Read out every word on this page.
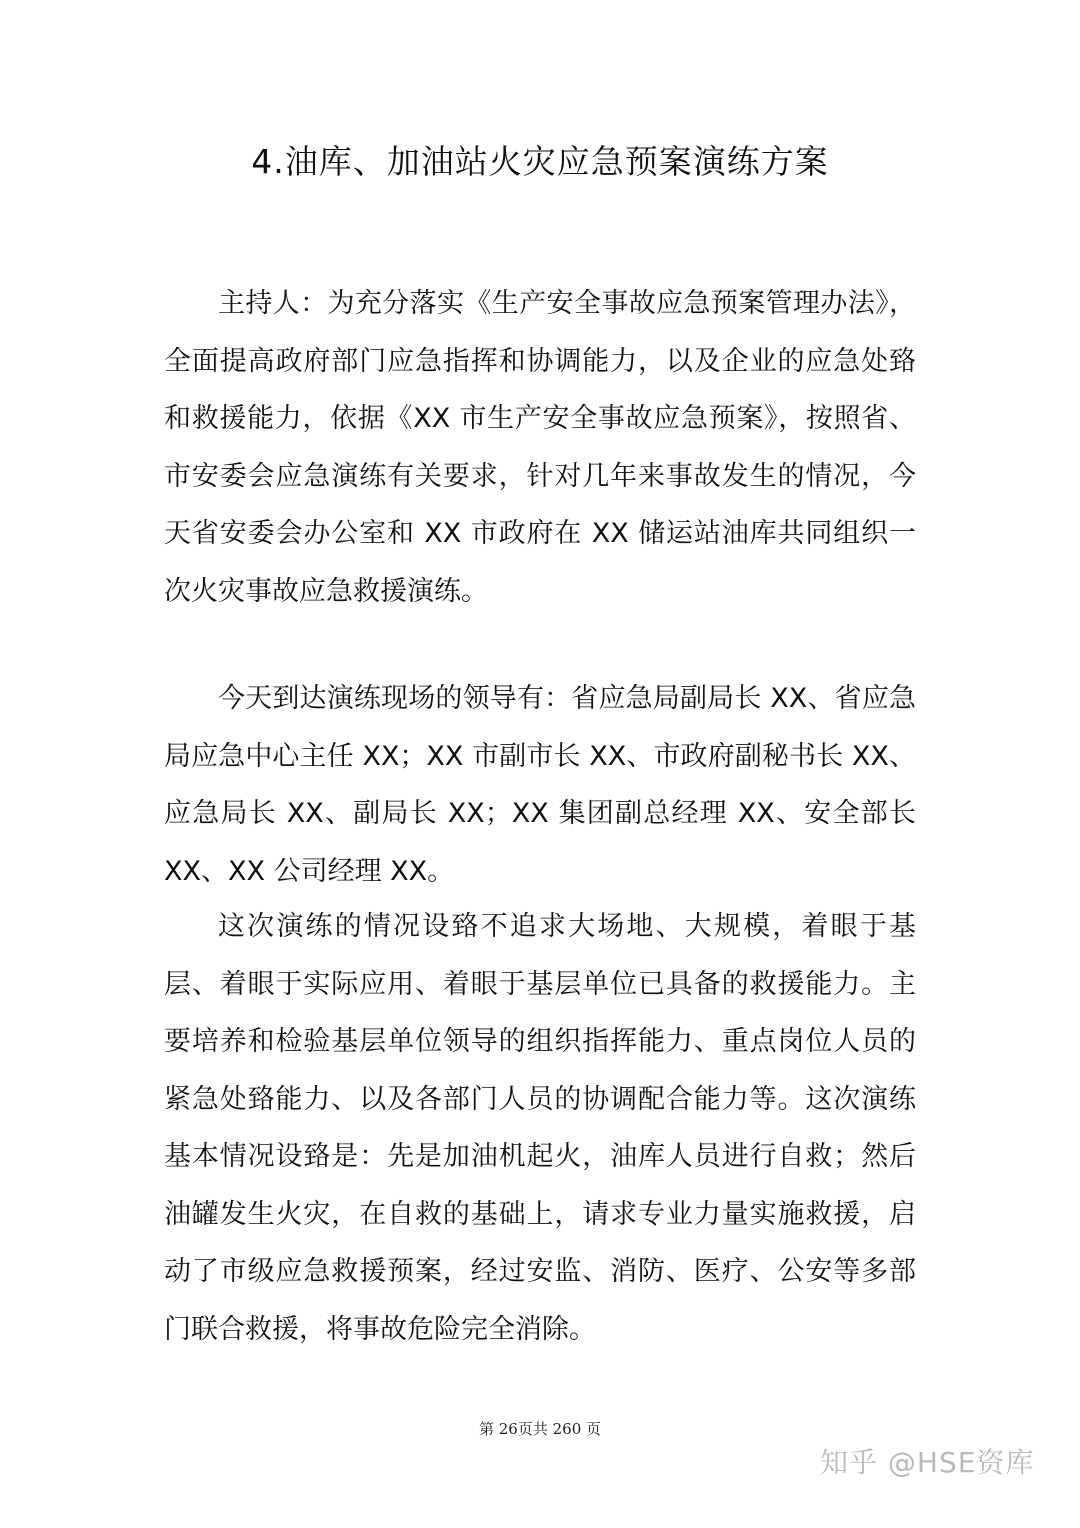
4.油库、加油站火灾应急预案演练方案

主持人：为充分落实《生产安全事故应急预案管理办法》，全面提高政府部门应急指挥和协调能力，以及企业的应急处臵和救援能力，依据《XX 市生产安全事故应急预案》，按照省、市安委会应急演练有关要求，针对几年来事故发生的情况，今天省安委会办公室和 XX 市政府在 XX 储运站油库共同组织一次火灾事故应急救援演练。

今天到达演练现场的领导有：省应急局副局长 XX、省应急局应急中心主任 XX；XX 市副市长 XX、市政府副秘书长 XX、应急局长 XX、副局长 XX；XX 集团副总经理 XX、安全部长 XX、XX 公司经理 XX。

这次演练的情况设臵不追求大场地、大规模，着眼于基层、着眼于实际应用、着眼于基层单位已具备的救援能力。主要培养和检验基层单位领导的组织指挥能力、重点岗位人员的紧急处臵能力、以及各部门人员的协调配合能力等。这次演练基本情况设臵是：先是加油机起火，油库人员进行自救；然后油罐发生火灾，在自救的基础上，请求专业力量实施救援，启动了市级应急救援预案，经过安监、消防、医疗、公安等多部门联合救援，将事故危险完全消除。

第 26页共 260 页
知乎 @HSE资库
